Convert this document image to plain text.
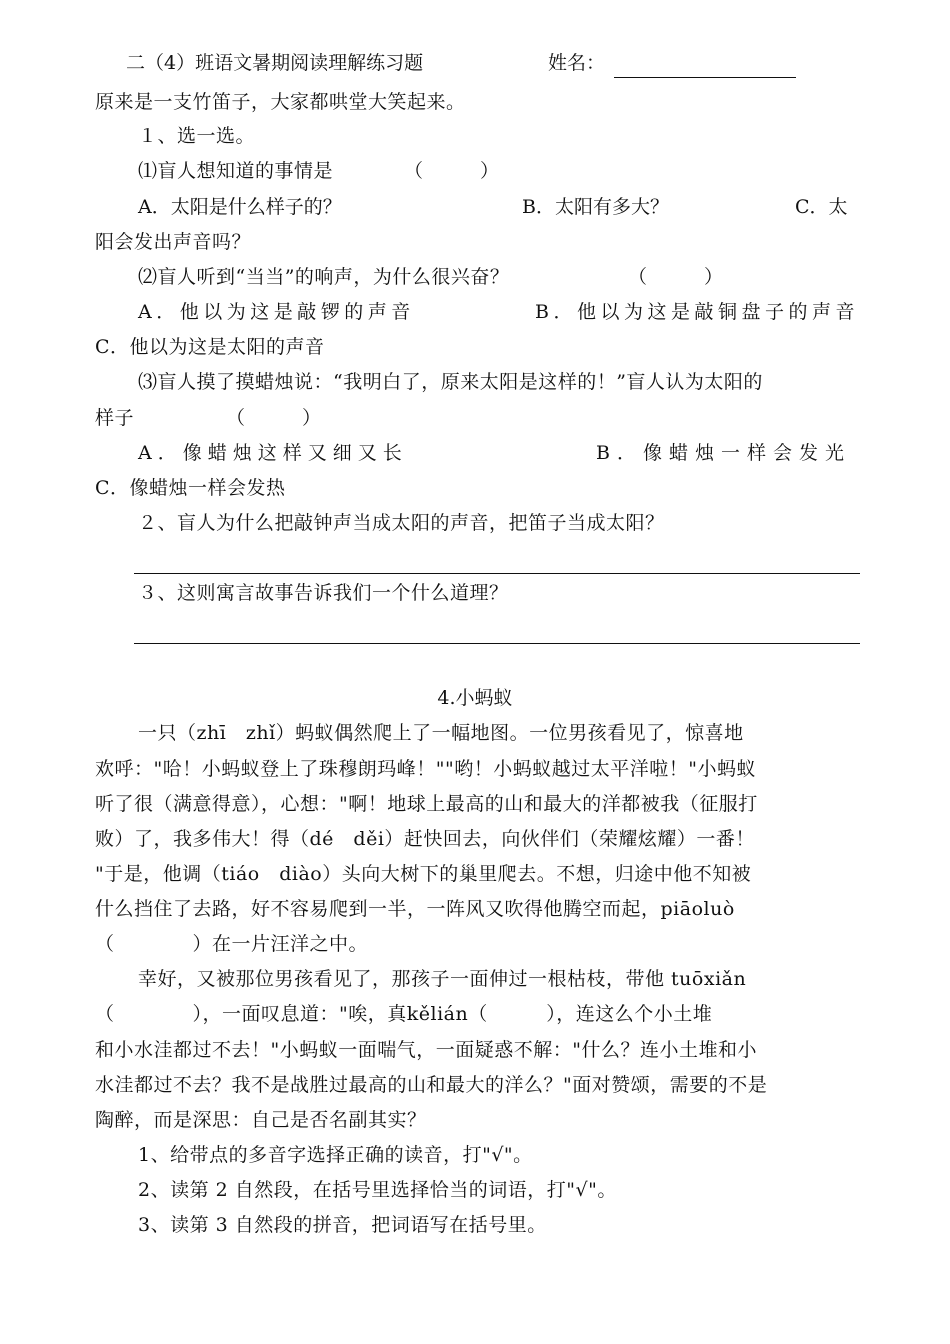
二（4）班语文暑期阅读理解练习题	姓名：
原来是一支竹笛子，大家都哄堂大笑起来。
１、选一选。
⑴盲人想知道的事情是	（　　　）
A．太阳是什么样子的？	B．太阳有多大？	C．太
阳会发出声音吗？
⑵盲人听到“当当”的响声，为什么很兴奋？	（　　　）
A．他以为这是敲锣的声音	B．他以为这是敲铜盘子的声音
C．他以为这是太阳的声音
⑶盲人摸了摸蜡烛说：“我明白了，原来太阳是这样的！”盲人认为太阳的
样子	（　　　）
A．像蜡烛这样又细又长	B．像蜡烛一样会发光
C．像蜡烛一样会发热
２、盲人为什么把敲钟声当成太阳的声音，把笛子当成太阳？
３、这则寓言故事告诉我们一个什么道理？
4.小蚂蚁
一只（zhī　zhǐ）蚂蚁偶然爬上了一幅地图。一位男孩看见了，惊喜地
欢呼："哈！小蚂蚁登上了珠穆朗玛峰！""哟！小蚂蚁越过太平洋啦！"小蚂蚁
听了很（满意得意），心想："啊！地球上最高的山和最大的洋都被我（征服打
败）了，我多伟大！得（dé　děi）赶快回去，向伙伴们（荣耀炫耀）一番！
"于是，他调（tiáo　diào）头向大树下的巢里爬去。不想，归途中他不知被
什么挡住了去路，好不容易爬到一半，一阵风又吹得他腾空而起，piāoluò
（　　　　）在一片汪洋之中。
幸好，又被那位男孩看见了，那孩子一面伸过一根枯枝，带他 tuōxiǎn
（　　　　），一面叹息道："唉，真kělián（　　　），连这么个小土堆
和小水洼都过不去！"小蚂蚁一面喘气，一面疑惑不解："什么？连小土堆和小
水洼都过不去？我不是战胜过最高的山和最大的洋么？"面对赞颂，需要的不是
陶醉，而是深思：自己是否名副其实？
1、给带点的多音字选择正确的读音，打"√"。
2、读第 2 自然段，在括号里选择恰当的词语，打"√"。
3、读第 3 自然段的拼音，把词语写在括号里。
